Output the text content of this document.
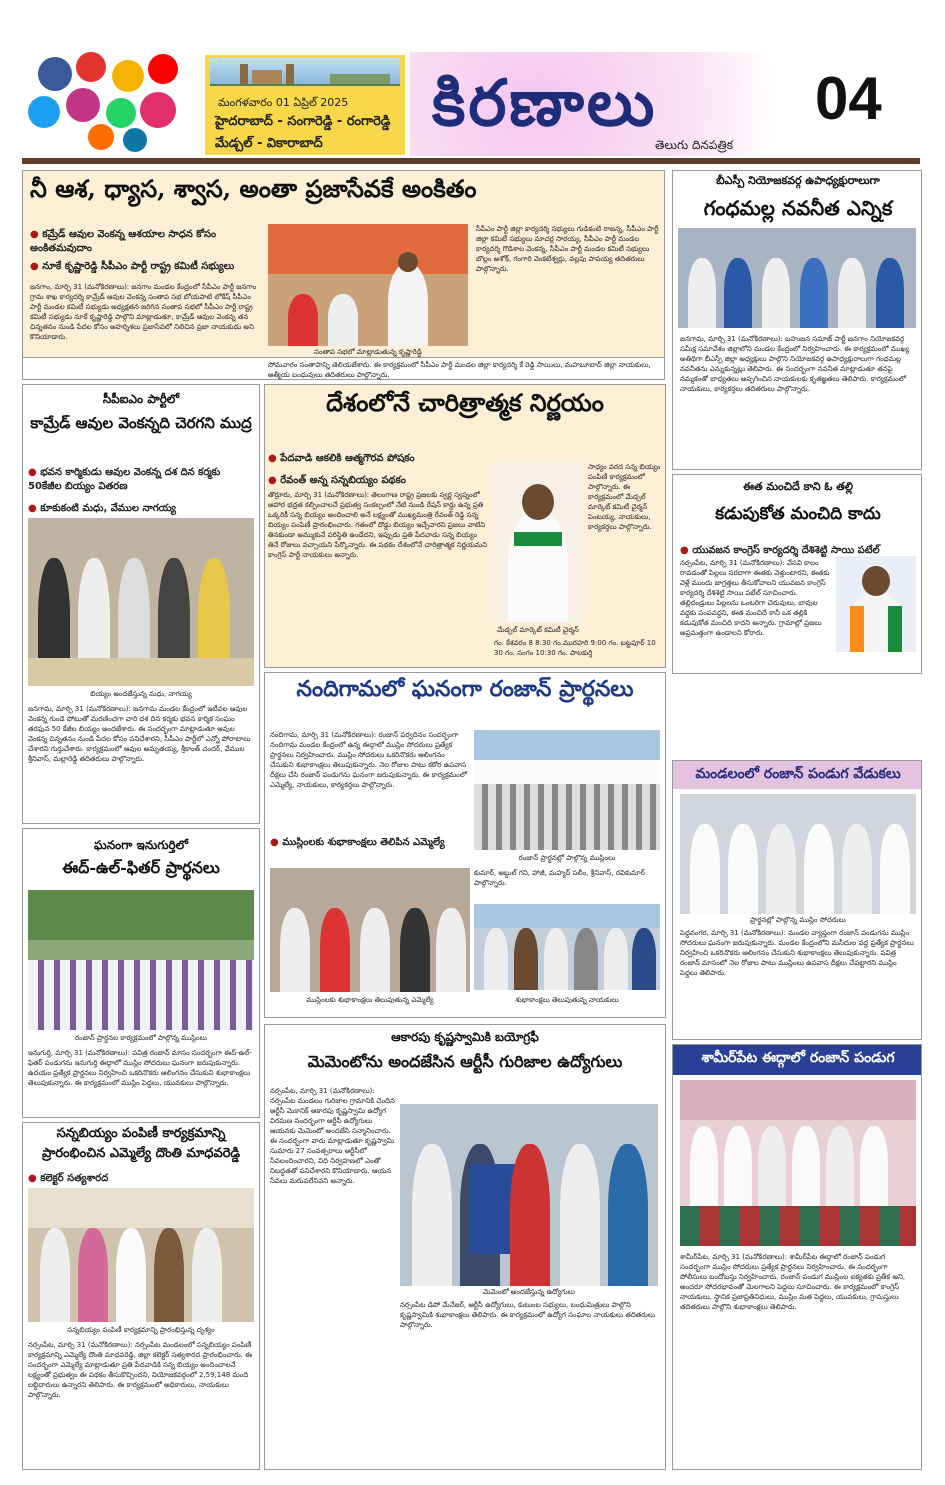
మంగళవారం 01 ఏప్రిల్ 2025
హైదరాబాద్ - సంగారెడ్డి - రంగారెడ్డి
మేడ్చల్ - వికారాబాద్
కిరణాలు	04
తెలుగు దినపత్రిక
నీ ఆశ, ధ్యాస, శ్వాస, అంతా ప్రజాసేవకే అంకితం
● కమ్రేడ్ ఆవుల వెంకన్న ఆశయాల సాధన కోసం అంకితమవుదాం
● నూకే కృష్ణారెడ్డి సీపీఎం పార్టీ రాష్ట్ర కమిటీ సభ్యులు
జనగాం, మార్చి 31 (మనోకిరణాలు): జనగాం మండల కేంద్రంలో సీపీఎం పార్టీ జనగాం గ్రామ శాఖ కార్యదర్శి కామ్రేడ్ ఆవుల వెంకన్న సంతాప సభ బోయపాటి లోకేష్ సీపీఎం పార్టీ మండల కమిటీ సభ్యుడు అధ్యక్షతన జరిగిన సంతాప సభలో సీపీఎం పార్టీ రాష్ట్ర కమిటీ సభ్యుడు నూకే కృష్ణారెడ్డి పాల్గొని మాట్లాడుతూ, కామ్రేడ్ ఆవుల వెంకన్న తన చిన్నతనం నుండి పేదల కోసం అహర్నిశలు ప్రజాసేవలో నిలిచిన ప్రజా నాయకుడు అని కొనియాడారు.
సంతాప సభలో మాట్లాడుతున్న కృష్ణారెడ్డి
సీపీఎం పార్టీ జిల్లా కార్యదర్శి సభ్యులు గుడికంటి రాజన్న, సీపీఎం పార్టీ జిల్లా కమిటీ సభ్యులు మాచర్ల సారయ్య, సీపీఎం పార్టీ మండల కార్యదర్శి గొడిశాల వెంకన్న, సీపీఎం పార్టీ మండల కమిటీ సభ్యులు బొల్లం అశోక్, గంగారి వెంకటేశ్వర్లు, వల్లపు పాపయ్య తదితరులు పాల్గొన్నారు.
సోమవారం సంతాపాన్ని తెలియజేశారు. ఈ కార్యక్రమంలో సీపీఎం పార్టీ మండల జిల్లా కార్యదర్శి కే రెడ్డి సాయిలు, మహబూబాద్ జిల్లా నాయకులు, ఆత్మీయ బంధువులు తదితరులు పాల్గొన్నారు.
బీఎస్పీ నియోజకవర్గ ఉపాధ్యక్షురాలుగా
గంధమల్ల నవనీత ఎన్నిక
జనగామ, మార్చి 31 (మనోకిరణాలు): బహుజన సమాజ్ పార్టీ జనగాం నియోజకవర్గ సమీక్ష సమావేశం జిల్లాలోని మండల కేంద్రంలో నిర్వహించారు. ఈ కార్యక్రమంలో ముఖ్య అతిథిగా బీఎస్పీ జిల్లా అధ్యక్షులు పాల్గొని నియోజకవర్గ ఉపాధ్యక్షురాలుగా గంధమల్ల నవనీతను ఎన్నుకున్నట్లు తెలిపారు. ఈ సందర్భంగా నవనీత మాట్లాడుతూ తనపై నమ్మకంతో బాధ్యతలు అప్పగించిన నాయకులకు కృతజ్ఞతలు తెలిపారు. కార్యక్రమంలో నాయకులు, కార్యకర్తలు తదితరులు పాల్గొన్నారు.
సీపీఐఎం పార్టీలో
కామ్రేడ్ ఆవుల వెంకన్నది చెరగని ముద్ర
● భవన కార్మికుడు ఆవుల వెంకన్న దశ దిన కర్మకు 50కేజీల బియ్యం వితరణ
● కూకుకంటి మధు, వేముల నాగయ్య
బియ్యం అందజేస్తున్న మధు, నాగయ్య
జనగామ, మార్చి 31 (మనోకిరణాలు): జనగామ మండల కేంద్రంలో ఇటీవల ఆవుల వెంకన్న గుండె పోటుతో మరణించగా వారి దశ దిన కర్మకు భవన కార్మిక సంఘం తరఫున 50 కేజీల బియ్యం అందజేశారు. ఈ సందర్భంగా మాట్లాడుతూ ఆవుల వెంకన్న చిన్నతనం నుండి పేదల కోసం పనిచేశారని, సీపీఎం పార్టీలో ఎన్నో పోరాటాలు చేశారని గుర్తుచేశారు. కార్యక్రమంలో ఆవుల అమృతయ్య, శ్రీకాంత్ చందర్, వేముల శ్రీనివాస్, మల్లారెడ్డి తదితరులు పాల్గొన్నారు.
దేశంలోనే చారిత్రాత్మక నిర్ణయం
● పేదవాడి ఆకలికి ఆత్మగౌరవ పోషకం
● రేవంత్ అన్న సన్నబియ్యం పథకం
తొర్రూరు, మార్చి 31 (మనోకిరణాలు): తెలంగాణ రాష్ట్ర ప్రజలకు స్వర్ణ స్వప్నంలో ఆహార భద్రత కల్పించాలనే ప్రభుత్వ సంకల్పంలో నేటి నుండి రేషన్ కార్డు ఉన్న ప్రతి ఒక్కరికీ సన్న బియ్యం అందించాలి అనే లక్ష్యంతో ముఖ్యమంత్రి రేవంత్ రెడ్డి సన్న బియ్యం పంపిణీ ప్రారంభించారు. గతంలో దొడ్డు బియ్యం ఇచ్చేవారని ప్రజలు వాటిని తినకుండా అమ్ముకునే పరిస్థితి ఉండేదని, ఇప్పుడు ప్రతి పేదవాడు సన్న బియ్యం తినే రోజులు వచ్చాయని పేర్కొన్నారు. ఈ పథకం దేశంలోనే చారిత్రాత్మక నిర్ణయమని కాంగ్రెస్ పార్టీ నాయకులు అన్నారు.
మేడ్చల్ మార్కెట్ కమిటీ చైర్మన్
సాధ్యం వరద సన్న బియ్యం పంపిణీ కార్యక్రమంలో పాల్గొన్నారు. ఈ కార్యక్రమంలో మేడ్చల్ మార్కెట్ కమిటీ చైర్మన్ పెంటయ్య, నాయకులు, కార్యకర్తలు పాల్గొన్నారు.
గం. కేశవరం 8 8:30 గం.మురహరి 9:00 గం. బట్టపూర్ 10 30 గం. సంగం 10:30 గం. పాలకుర్తి
ఈత మంచిదే కాని ఓ తల్లి
కడుపుకోత మంచిది కాదు
● యువజన కాంగ్రెస్ కార్యదర్శి దేశిశెట్టి సాయి పటేల్
నర్సంపేట, మార్చి 31 (మనోకిరణాలు): వేసవి కాలం రావడంతో పిల్లలు సరదాగా ఈతకు వెళ్తుంటారని, ఈతకు వెళ్లే ముందు జాగ్రత్తలు తీసుకోవాలని యువజన కాంగ్రెస్ కార్యదర్శి దేశిశెట్టి సాయి పటేల్ సూచించారు. తల్లిదండ్రులు పిల్లలను ఒంటరిగా చెరువులు, బావుల వద్దకు పంపవద్దని, ఈత మంచిదే కానీ ఒక తల్లికి కడుపుకోత మంచిది కాదని అన్నారు. గ్రామాల్లో ప్రజలు అప్రమత్తంగా ఉండాలని కోరారు.
నందిగామలో ఘనంగా రంజాన్ ప్రార్థనలు
నందిగామ, మార్చి 31 (మనోకిరణాలు): రంజాన్ పర్వదినం సందర్భంగా నందిగామ మండల కేంద్రంలో ఉన్న ఈద్గాలో ముస్లిం సోదరులు ప్రత్యేక ప్రార్థనలు నిర్వహించారు. ముస్లిం సోదరులు ఒకరినొకరు ఆలింగనం చేసుకుని శుభాకాంక్షలు తెలుపుకున్నారు. నెల రోజుల పాటు కఠోర ఉపవాస దీక్షలు చేసి రంజాన్ పండుగను ఘనంగా జరుపుకున్నారు. ఈ కార్యక్రమంలో ఎమ్మెల్యే, నాయకులు, కార్యకర్తలు పాల్గొన్నారు.
● ముస్లింలకు శుభాకాంక్షలు తెలిపిన ఎమ్మెల్యే
రంజాన్ ప్రార్థనల్లో పాల్గొన్న ముస్లింలు
కుమార్, అబ్దుల్ గని, హాజీ, మహ్మద్ సలీం, శ్రీనివాస్, రవికుమార్ పాల్గొన్నారు.
ముస్లింలకు శుభాకాంక్షలు తెలుపుతున్న ఎమ్మెల్యే	శుభాకాంక్షలు తెలుపుతున్న నాయకులు
మండలంలో రంజాన్ పండుగ వేడుకలు
ప్రార్థనల్లో పాల్గొన్న ముస్లిం సోదరులు
పెద్దవంగర, మార్చి 31 (మనోకిరణాలు): మండల వ్యాప్తంగా రంజాన్ పండుగను ముస్లిం సోదరులు ఘనంగా జరుపుకున్నారు. మండల కేంద్రంలోని మసీదుల వద్ద ప్రత్యేక ప్రార్థనలు నిర్వహించి ఒకరినొకరు ఆలింగనం చేసుకుని శుభాకాంక్షలు తెలుపుకున్నారు. పవిత్ర రంజాన్ మాసంలో నెల రోజుల పాటు ముస్లింలు ఉపవాస దీక్షలు చేపట్టారని ముస్లిం పెద్దలు తెలిపారు.
ఘనంగా ఇనుగుర్తిలో
ఈద్-ఉల్-ఫితర్ ప్రార్థనలు
రంజాన్ ప్రార్థనల కార్యక్రమంలో పాల్గొన్న ముస్లింలు
ఇనుగుర్తి, మార్చి 31 (మనోకిరణాలు): పవిత్ర రంజాన్ మాసం సందర్భంగా ఈద్-ఉల్-ఫితర్ పండుగను ఇనుగుర్తి ఈద్గాలో ముస్లిం సోదరులు ఘనంగా జరుపుకున్నారు. ఉదయం ప్రత్యేక ప్రార్థనలు నిర్వహించి ఒకరినొకరు ఆలింగనం చేసుకుని శుభాకాంక్షలు తెలుపుకున్నారు. ఈ కార్యక్రమంలో ముస్లిం పెద్దలు, యువకులు పాల్గొన్నారు.
ఆకారపు కృష్ణస్వామికి బయోగ్రఫీ
మెమెంటోను అందజేసిన ఆర్టీసీ గురిజాల ఉద్యోగులు
నర్సంపేట, మార్చి 31 (మనోకిరణాలు): నర్సంపేట మండలం గురిజాల గ్రామానికి చెందిన ఆర్టీసీ మెకానిక్ ఆకారపు కృష్ణస్వామి ఉద్యోగ విరమణ సందర్భంగా ఆర్టీసీ ఉద్యోగులు ఆయనకు మెమెంటో అందజేసి సన్మానించారు. ఈ సందర్భంగా వారు మాట్లాడుతూ కృష్ణస్వామి సుమారు 27 సంవత్సరాలు ఆర్టీసీలో సేవలందించారని, విధి నిర్వహణలో ఎంతో నిబద్ధతతో పనిచేశారని కొనియాడారు. ఆయన సేవలు మరువలేనివని అన్నారు.
మెమెంటో అందజేస్తున్న ఉద్యోగులు
నర్సంపేట డిపో మేనేజర్, ఆర్టీసీ ఉద్యోగులు, కుటుంబ సభ్యులు, బంధుమిత్రులు పాల్గొని కృష్ణస్వామికి శుభాకాంక్షలు తెలిపారు. ఈ కార్యక్రమంలో ఉద్యోగ సంఘాల నాయకులు తదితరులు పాల్గొన్నారు.
శామీర్‌పేట ఈద్గాలో రంజాన్ పండుగ
శామీర్‌పేట, మార్చి 31 (మనోకిరణాలు): శామీర్‌పేట ఈద్గాలో రంజాన్ పండుగ సందర్భంగా ముస్లిం సోదరులు ప్రత్యేక ప్రార్థనలు నిర్వహించారు. ఈ సందర్భంగా పోలీసులు బందోబస్తు నిర్వహించారు. రంజాన్ పండుగ ముస్లింల ఐక్యతకు ప్రతీక అని, అందరూ సోదరభావంతో మెలగాలని పెద్దలు సూచించారు. ఈ కార్యక్రమంలో కాంగ్రెస్ నాయకులు, స్థానిక ప్రజాప్రతినిధులు, ముస్లిం మత పెద్దలు, యువకులు, గ్రామస్తులు తదితరులు పాల్గొని శుభాకాంక్షలు తెలిపారు.
సన్నబియ్యం పంపిణీ కార్యక్రమాన్ని
ప్రారంభించిన ఎమ్మెల్యే దొంతి మాధవరెడ్డి
● కలెక్టర్ సత్యశారద
సన్నబియ్యం పంపిణీ కార్యక్రమాన్ని ప్రారంభిస్తున్న దృశ్యం
నర్సంపేట, మార్చి 31 (మనోకిరణాలు): నర్సంపేట మండలంలో సన్నబియ్యం పంపిణీ కార్యక్రమాన్ని ఎమ్మెల్యే దొంతి మాధవరెడ్డి, జిల్లా కలెక్టర్ సత్యశారద ప్రారంభించారు. ఈ సందర్భంగా ఎమ్మెల్యే మాట్లాడుతూ ప్రతి పేదవాడికి సన్న బియ్యం అందించాలనే లక్ష్యంతో ప్రభుత్వం ఈ పథకం తీసుకొచ్చిందని, నియోజకవర్గంలో 2,59,148 మంది లబ్ధిదారులు ఉన్నారని తెలిపారు. ఈ కార్యక్రమంలో అధికారులు, నాయకులు పాల్గొన్నారు.
